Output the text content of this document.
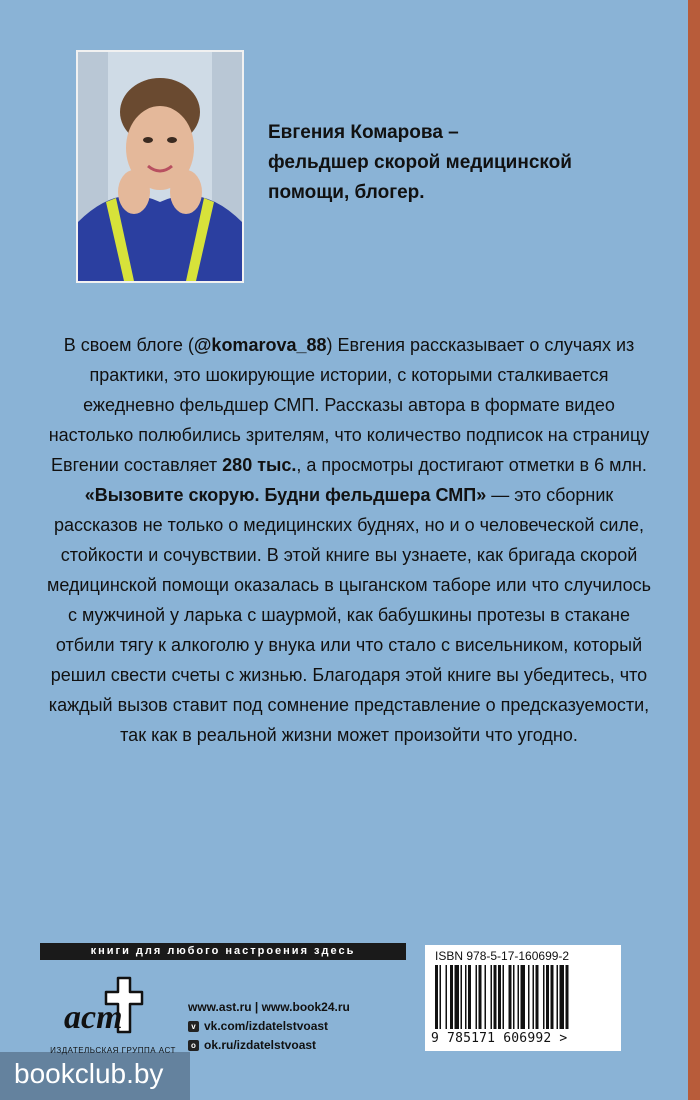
Евгения Комарова –
фельдшер скорой медицинской
помощи, блогер.

В своем блоге (@komarova_88) Евгения рассказывает о случаях из практики, это шокирующие истории, с которыми сталкивается ежедневно фельдшер СМП. Рассказы автора в формате видео настолько полюбились зрителям, что количество подписок на страницу Евгении составляет 280 тыс., а просмотры достигают отметки в 6 млн.

«Вызовите скорую. Будни фельдшера СМП» — это сборник рассказов не только о медицинских буднях, но и о человеческой силе, стойкости и сочувствии. В этой книге вы узнаете, как бригада скорой медицинской помощи оказалась в цыганском таборе или что случилось с мужчиной у ларька с шаурмой, как бабушкины протезы в стакане отбили тягу к алкоголю у внука или что стало с висельником, который решил свести счеты с жизнью. Благодаря этой книге вы убедитесь, что каждый вызов ставит под сомнение представление о предсказуемости, так как в реальной жизни может произойти что угодно.

книги для любого настроения здесь
аст
ИЗДАТЕЛЬСКАЯ ГРУППА АСТ
www.ast.ru | www.book24.ru
v vk.com/izdatelstvoast
o ok.ru/izdatelstvoast
ISBN 978-5-17-160699-2
9 785171 606992 >
bookclub.by
